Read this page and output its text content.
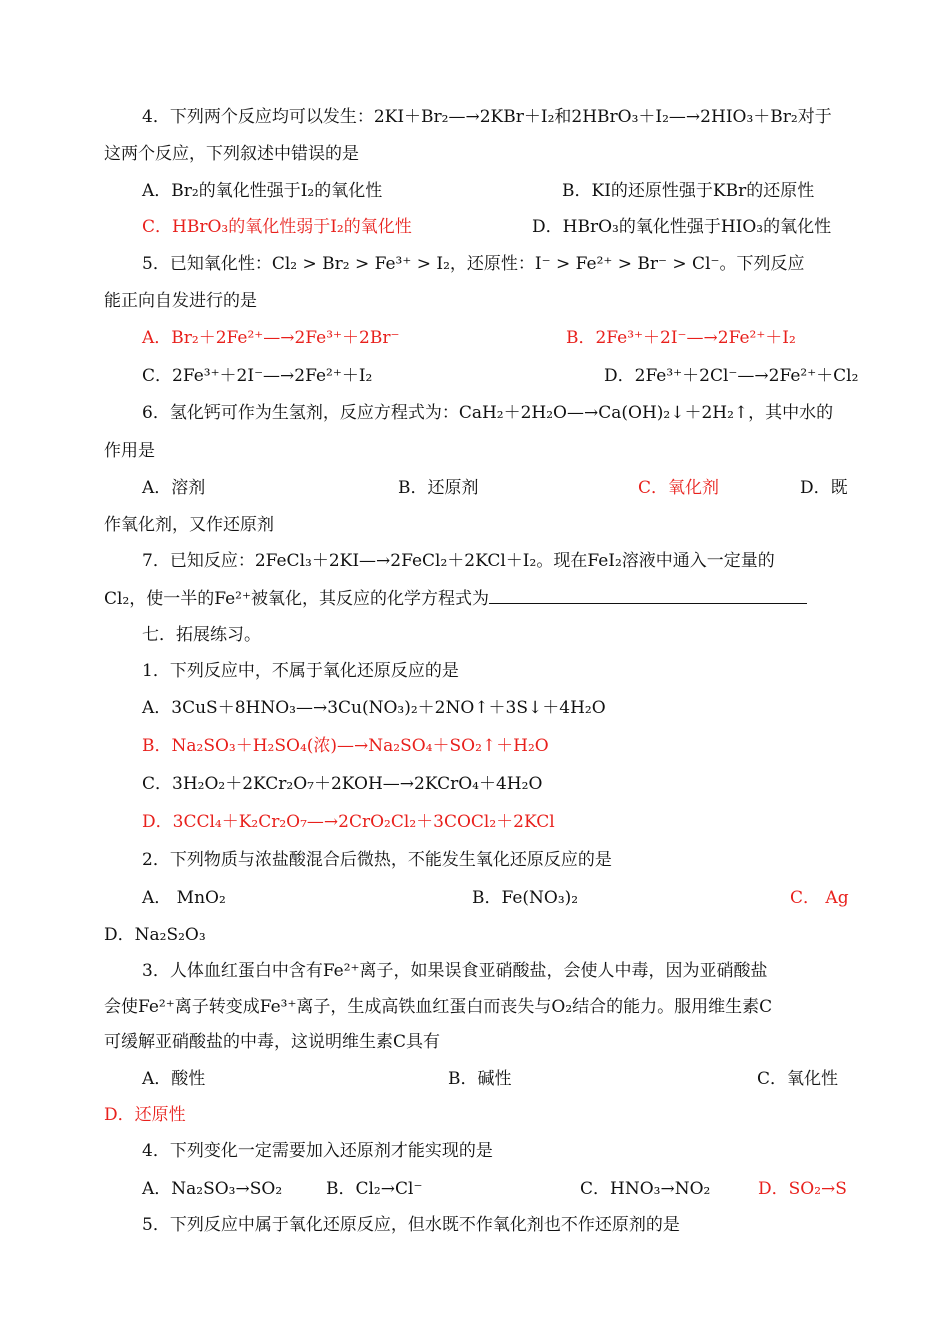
4．下列两个反应均可以发生：2KI＋Br₂—→2KBr＋I₂和2HBrO₃＋I₂—→2HIO₃＋Br₂对于
这两个反应，下列叙述中错误的是
A．Br₂的氧化性强于I₂的氧化性	B．KI的还原性强于KBr的还原性
C．HBrO₃的氧化性弱于I₂的氧化性	D．HBrO₃的氧化性强于HIO₃的氧化性
5．已知氧化性：Cl₂ > Br₂ > Fe³⁺ > I₂，还原性：I⁻ > Fe²⁺ > Br⁻ > Cl⁻。下列反应
能正向自发进行的是
A．Br₂＋2Fe²⁺—→2Fe³⁺＋2Br⁻	B．2Fe³⁺＋2I⁻—→2Fe²⁺＋I₂
C．2Fe³⁺＋2I⁻—→2Fe²⁺＋I₂	D．2Fe³⁺＋2Cl⁻—→2Fe²⁺＋Cl₂
6．氢化钙可作为生氢剂，反应方程式为：CaH₂＋2H₂O—→Ca(OH)₂↓＋2H₂↑，其中水的
作用是
A．溶剂	B．还原剂	C．氧化剂	D．既
作氧化剂，又作还原剂
7．已知反应：2FeCl₃＋2KI—→2FeCl₂＋2KCl＋I₂。现在FeI₂溶液中通入一定量的
Cl₂，使一半的Fe²⁺被氧化，其反应的化学方程式为
七．拓展练习。
1．下列反应中，不属于氧化还原反应的是
A．3CuS＋8HNO₃—→3Cu(NO₃)₂＋2NO↑＋3S↓＋4H₂O
B．Na₂SO₃＋H₂SO₄(浓)—→Na₂SO₄＋SO₂↑＋H₂O
C．3H₂O₂＋2KCr₂O₇＋2KOH—→2KCrO₄＋4H₂O
D．3CCl₄＋K₂Cr₂O₇—→2CrO₂Cl₂＋3COCl₂＋2KCl
2．下列物质与浓盐酸混合后微热，不能发生氧化还原反应的是
A． MnO₂	B．Fe(NO₃)₂	C． Ag
D．Na₂S₂O₃
3．人体血红蛋白中含有Fe²⁺离子，如果误食亚硝酸盐，会使人中毒，因为亚硝酸盐
会使Fe²⁺离子转变成Fe³⁺离子，生成高铁血红蛋白而丧失与O₂结合的能力。服用维生素C
可缓解亚硝酸盐的中毒，这说明维生素C具有
A．酸性	B．碱性	C．氧化性
D．还原性
4．下列变化一定需要加入还原剂才能实现的是
A．Na₂SO₃→SO₂	B．Cl₂→Cl⁻	C．HNO₃→NO₂	D．SO₂→S
5．下列反应中属于氧化还原反应，但水既不作氧化剂也不作还原剂的是
